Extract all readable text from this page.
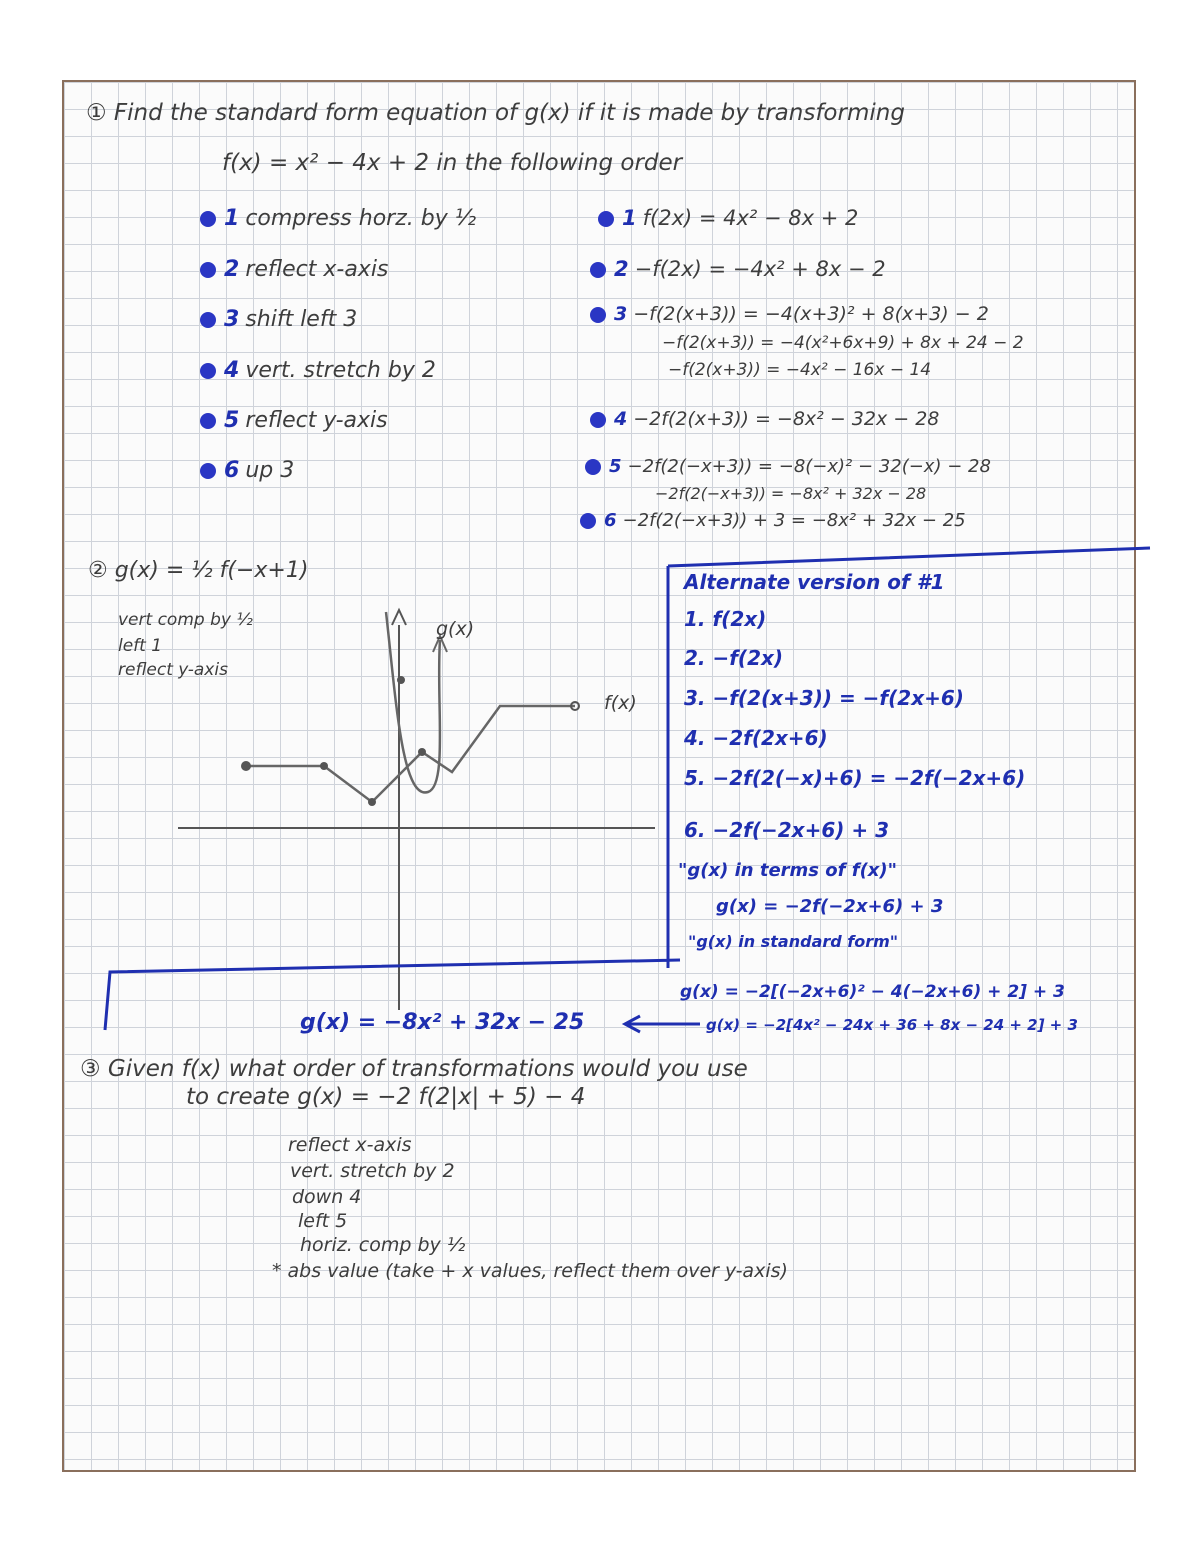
① Find the standard form equation of g(x) if it is made by transforming
f(x) = x² − 4x + 2 in the following order
1 compress horz. by ½
2 reflect x-axis
3 shift left 3
4 vert. stretch by 2
5 reflect y-axis
6 up 3
1 f(2x) = 4x² − 8x + 2
2 −f(2x) = −4x² + 8x − 2
3 −f(2(x+3)) = −4(x+3)² + 8(x+3) − 2
−f(2(x+3)) = −4(x²+6x+9) + 8x + 24 − 2
−f(2(x+3)) = −4x² − 16x − 14
4 −2f(2(x+3)) = −8x² − 32x − 28
5 −2f(2(−x+3)) = −8(−x)² − 32(−x) − 28
−2f(2(−x+3)) = −8x² + 32x − 28
6 −2f(2(−x+3)) + 3 = −8x² + 32x − 25
② g(x) = ½ f(−x+1)
vert comp by ½
left 1
reflect y-axis
g(x)
f(x)
Alternate version of #1
1. f(2x)
2. −f(2x)
3. −f(2(x+3)) = −f(2x+6)
4. −2f(2x+6)
5. −2f(2(−x)+6) = −2f(−2x+6)
6. −2f(−2x+6) + 3
"g(x) in terms of f(x)"
g(x) = −2f(−2x+6) + 3
"g(x) in standard form"
g(x) = −2[(−2x+6)² − 4(−2x+6) + 2] + 3
g(x) = −2[4x² − 24x + 36 + 8x − 24 + 2] + 3
g(x) = −8x² + 32x − 25
③ Given f(x) what order of transformations would you use
to create g(x) = −2 f(2|x| + 5) − 4
reflect x-axis
vert. stretch by 2
down 4
left 5
horiz. comp by ½
* abs value (take + x values, reflect them over y-axis)
